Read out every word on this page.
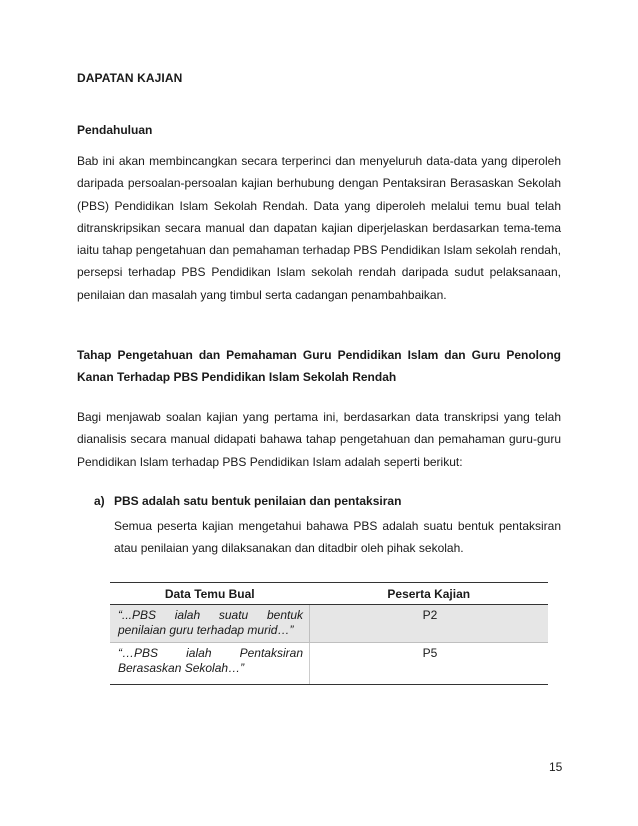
DAPATAN KAJIAN
Pendahuluan

Bab ini akan membincangkan secara terperinci dan menyeluruh data-data yang diperoleh daripada persoalan-persoalan kajian berhubung dengan Pentaksiran Berasaskan Sekolah (PBS) Pendidikan Islam Sekolah Rendah. Data yang diperoleh melalui temu bual telah ditranskripsikan secara manual dan dapatan kajian diperjelaskan berdasarkan tema-tema iaitu tahap pengetahuan dan pemahaman terhadap PBS Pendidikan Islam sekolah rendah, persepsi terhadap PBS Pendidikan Islam sekolah rendah daripada sudut pelaksanaan, penilaian dan masalah yang timbul serta cadangan penambahbaikan.

Tahap Pengetahuan dan Pemahaman Guru Pendidikan Islam dan Guru Penolong Kanan Terhadap PBS Pendidikan Islam Sekolah Rendah

Bagi menjawab soalan kajian yang pertama ini, berdasarkan data transkripsi yang telah dianalisis secara manual didapati bahawa tahap pengetahuan dan pemahaman guru-guru Pendidikan Islam terhadap PBS Pendidikan Islam adalah seperti berikut:

a) PBS adalah satu bentuk penilaian dan pentaksiran

Semua peserta kajian mengetahui bahawa PBS adalah suatu bentuk pentaksiran atau penilaian yang dilaksanakan dan ditadbir oleh pihak sekolah.

Data Temu Bual	Peserta Kajian
“...PBS ialah suatu bentuk penilaian guru terhadap murid…”	P2
“…PBS ialah Pentaksiran Berasaskan Sekolah…”	P5
15
